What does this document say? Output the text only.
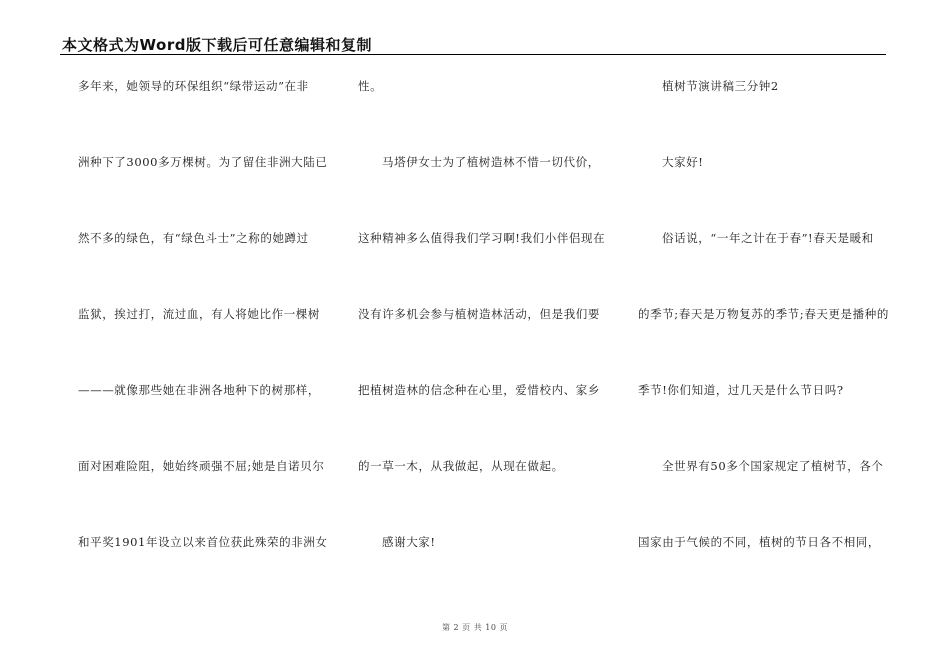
本文格式为Word版下载后可任意编辑和复制
多年来，她领导的环保组织“绿带运动”在非
洲种下了3000多万棵树。为了留住非洲大陆已
然不多的绿色，有“绿色斗士”之称的她蹲过
监狱，挨过打，流过血，有人将她比作一棵树
———就像那些她在非洲各地种下的树那样，
面对困难险阻，她始终顽强不屈;她是自诺贝尔
和平奖1901年设立以来首位获此殊荣的非洲女
性。
马塔伊女士为了植树造林不惜一切代价，
这种精神多么值得我们学习啊!我们小伴侣现在
没有许多机会参与植树造林活动，但是我们要
把植树造林的信念种在心里，爱惜校内、家乡
的一草一木，从我做起，从现在做起。
感谢大家!
植树节演讲稿三分钟2
大家好!
俗话说，“一年之计在于春”!春天是暖和
的季节;春天是万物复苏的季节;春天更是播种的
季节!你们知道，过几天是什么节日吗?
全世界有50多个国家规定了植树节，各个
国家由于气候的不同，植树的节日各不相同，
第 2 页 共 10 页
